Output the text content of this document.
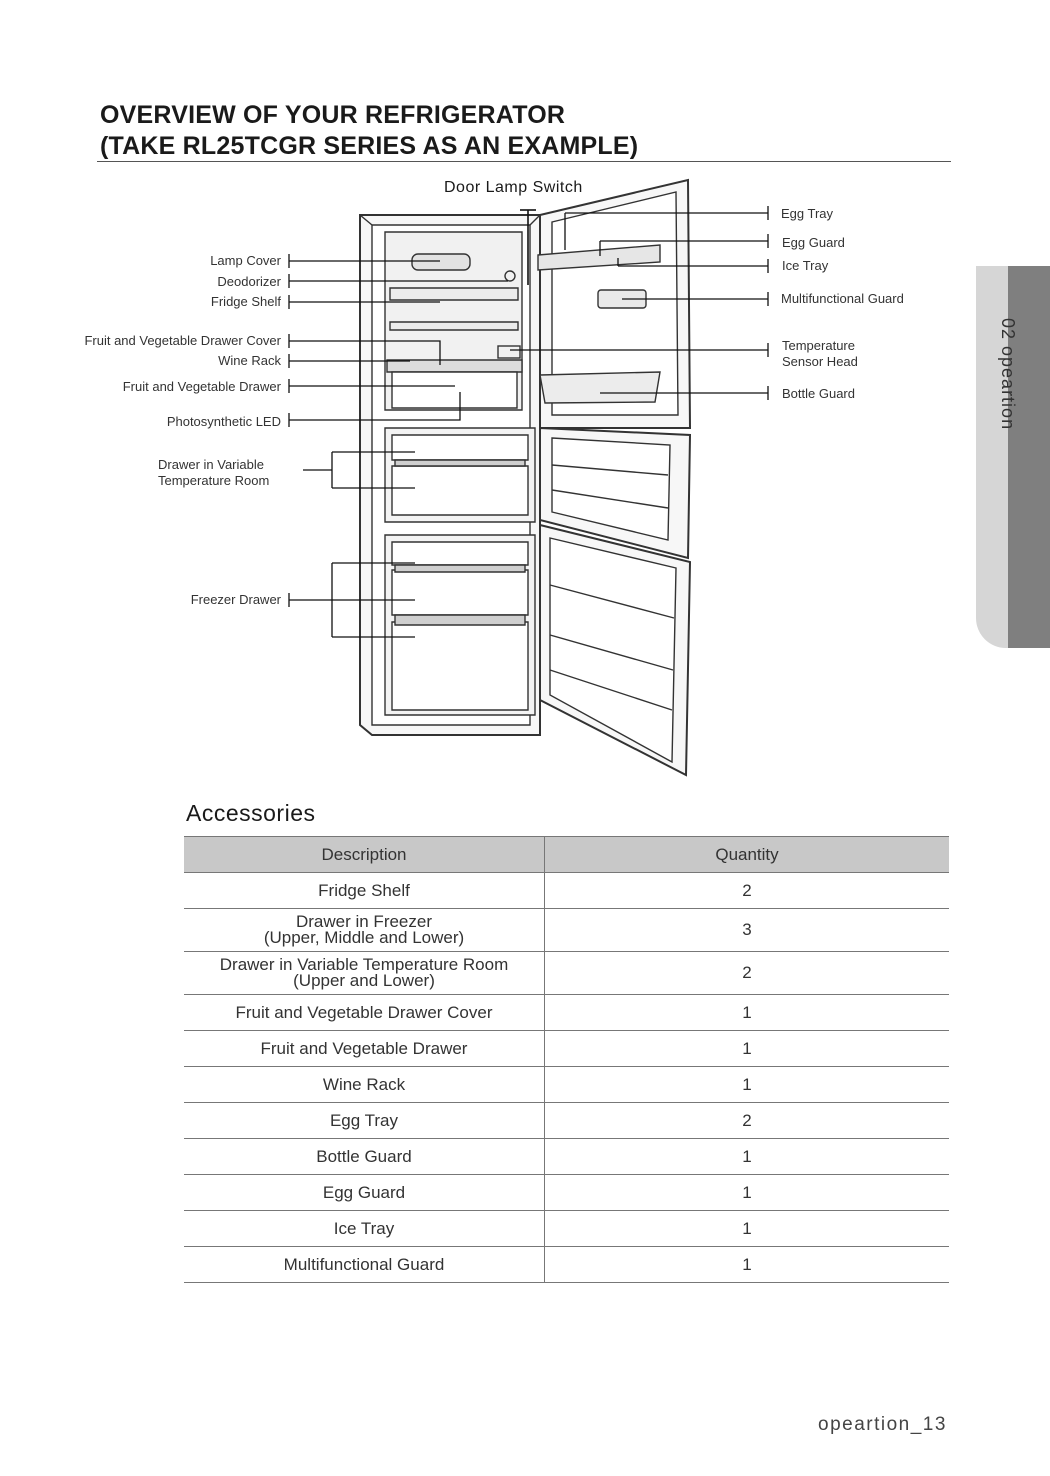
OVERVIEW OF YOUR REFRIGERATOR
(TAKE RL25TCGR SERIES AS AN EXAMPLE)
02 opeartion
Door Lamp Switch
Lamp Cover
Deodorizer
Fridge Shelf
Fruit and Vegetable Drawer Cover
Wine Rack
Fruit and Vegetable Drawer
Photosynthetic LED
Drawer in Variable
Temperature Room
Freezer Drawer
Egg Tray
Egg Guard
Ice Tray
Multifunctional Guard
Temperature
Sensor Head
Bottle Guard
Accessories
Description	Quantity

Fridge Shelf	2

Drawer in Freezer
(Upper, Middle and Lower)	3

Drawer in Variable Temperature Room
(Upper and Lower)	2

Fruit and Vegetable Drawer Cover	1

Fruit and Vegetable Drawer	1

Wine Rack	1

Egg Tray	2

Bottle Guard	1

Egg Guard	1

Ice Tray	1

Multifunctional Guard	1
opeartion_13
